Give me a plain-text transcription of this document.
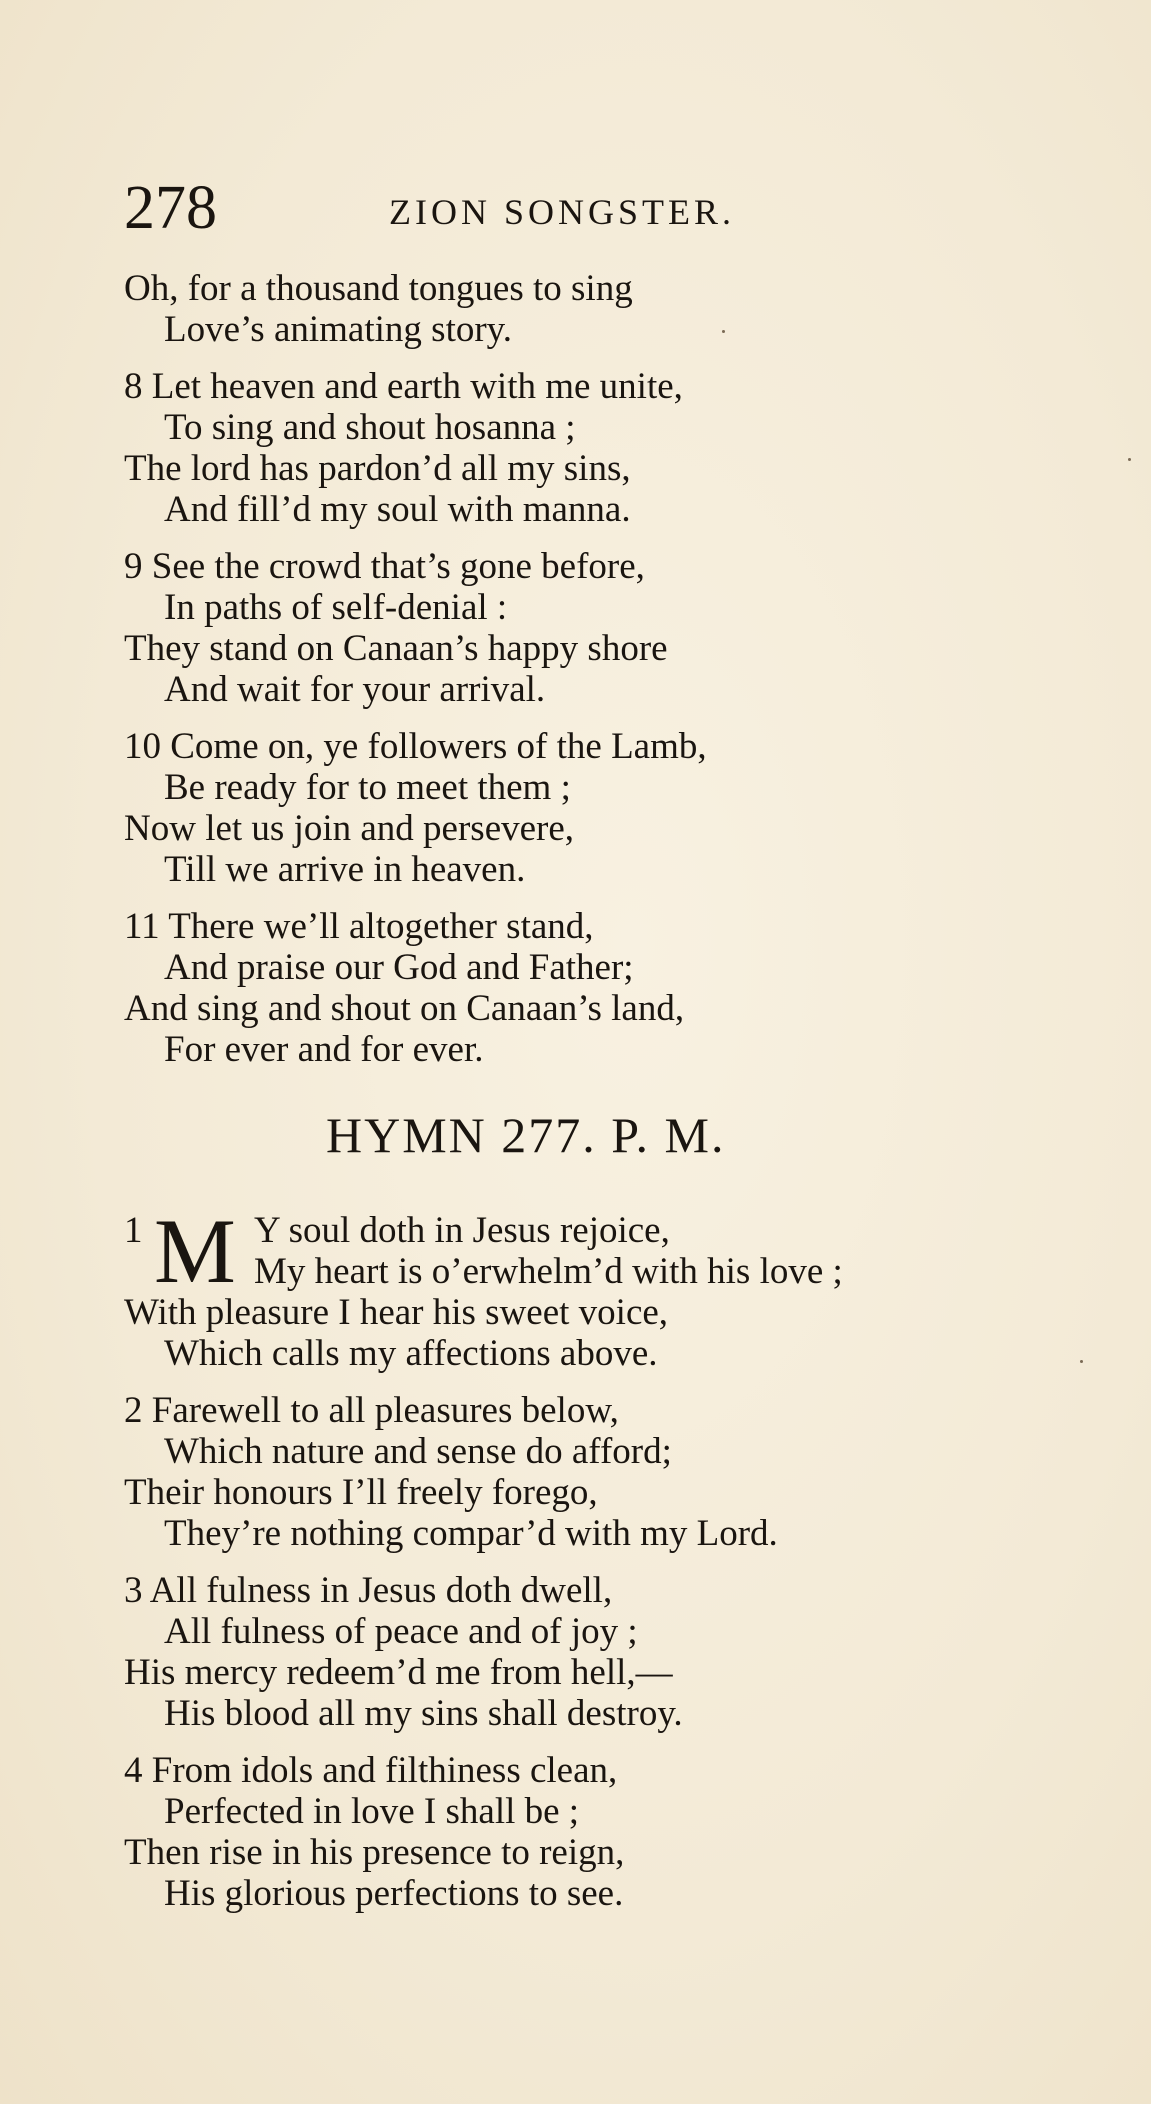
278	ZION SONGSTER.
Oh, for a thousand tongues to sing
Love’s animating story.
8 Let heaven and earth with me unite,
To sing and shout hosanna ;
The lord has pardon’d all my sins,
And fill’d my soul with manna.
9 See the crowd that’s gone before,
In paths of self-denial :
They stand on Canaan’s happy shore
And wait for your arrival.
10 Come on, ye followers of the Lamb,
Be ready for to meet them ;
Now let us join and persevere,
Till we arrive in heaven.
11 There we’ll altogether stand,
And praise our God and Father;
And sing and shout on Canaan’s land,
For ever and for ever.
HYMN 277. P. M.
1 M Y soul doth in Jesus rejoice,
My heart is o’erwhelm’d with his love ;
With pleasure I hear his sweet voice,
Which calls my affections above.
2 Farewell to all pleasures below,
Which nature and sense do afford;
Their honours I’ll freely forego,
They’re nothing compar’d with my Lord.
3 All fulness in Jesus doth dwell,
All fulness of peace and of joy ;
His mercy redeem’d me from hell,—
His blood all my sins shall destroy.
4 From idols and filthiness clean,
Perfected in love I shall be ;
Then rise in his presence to reign,
His glorious perfections to see.
